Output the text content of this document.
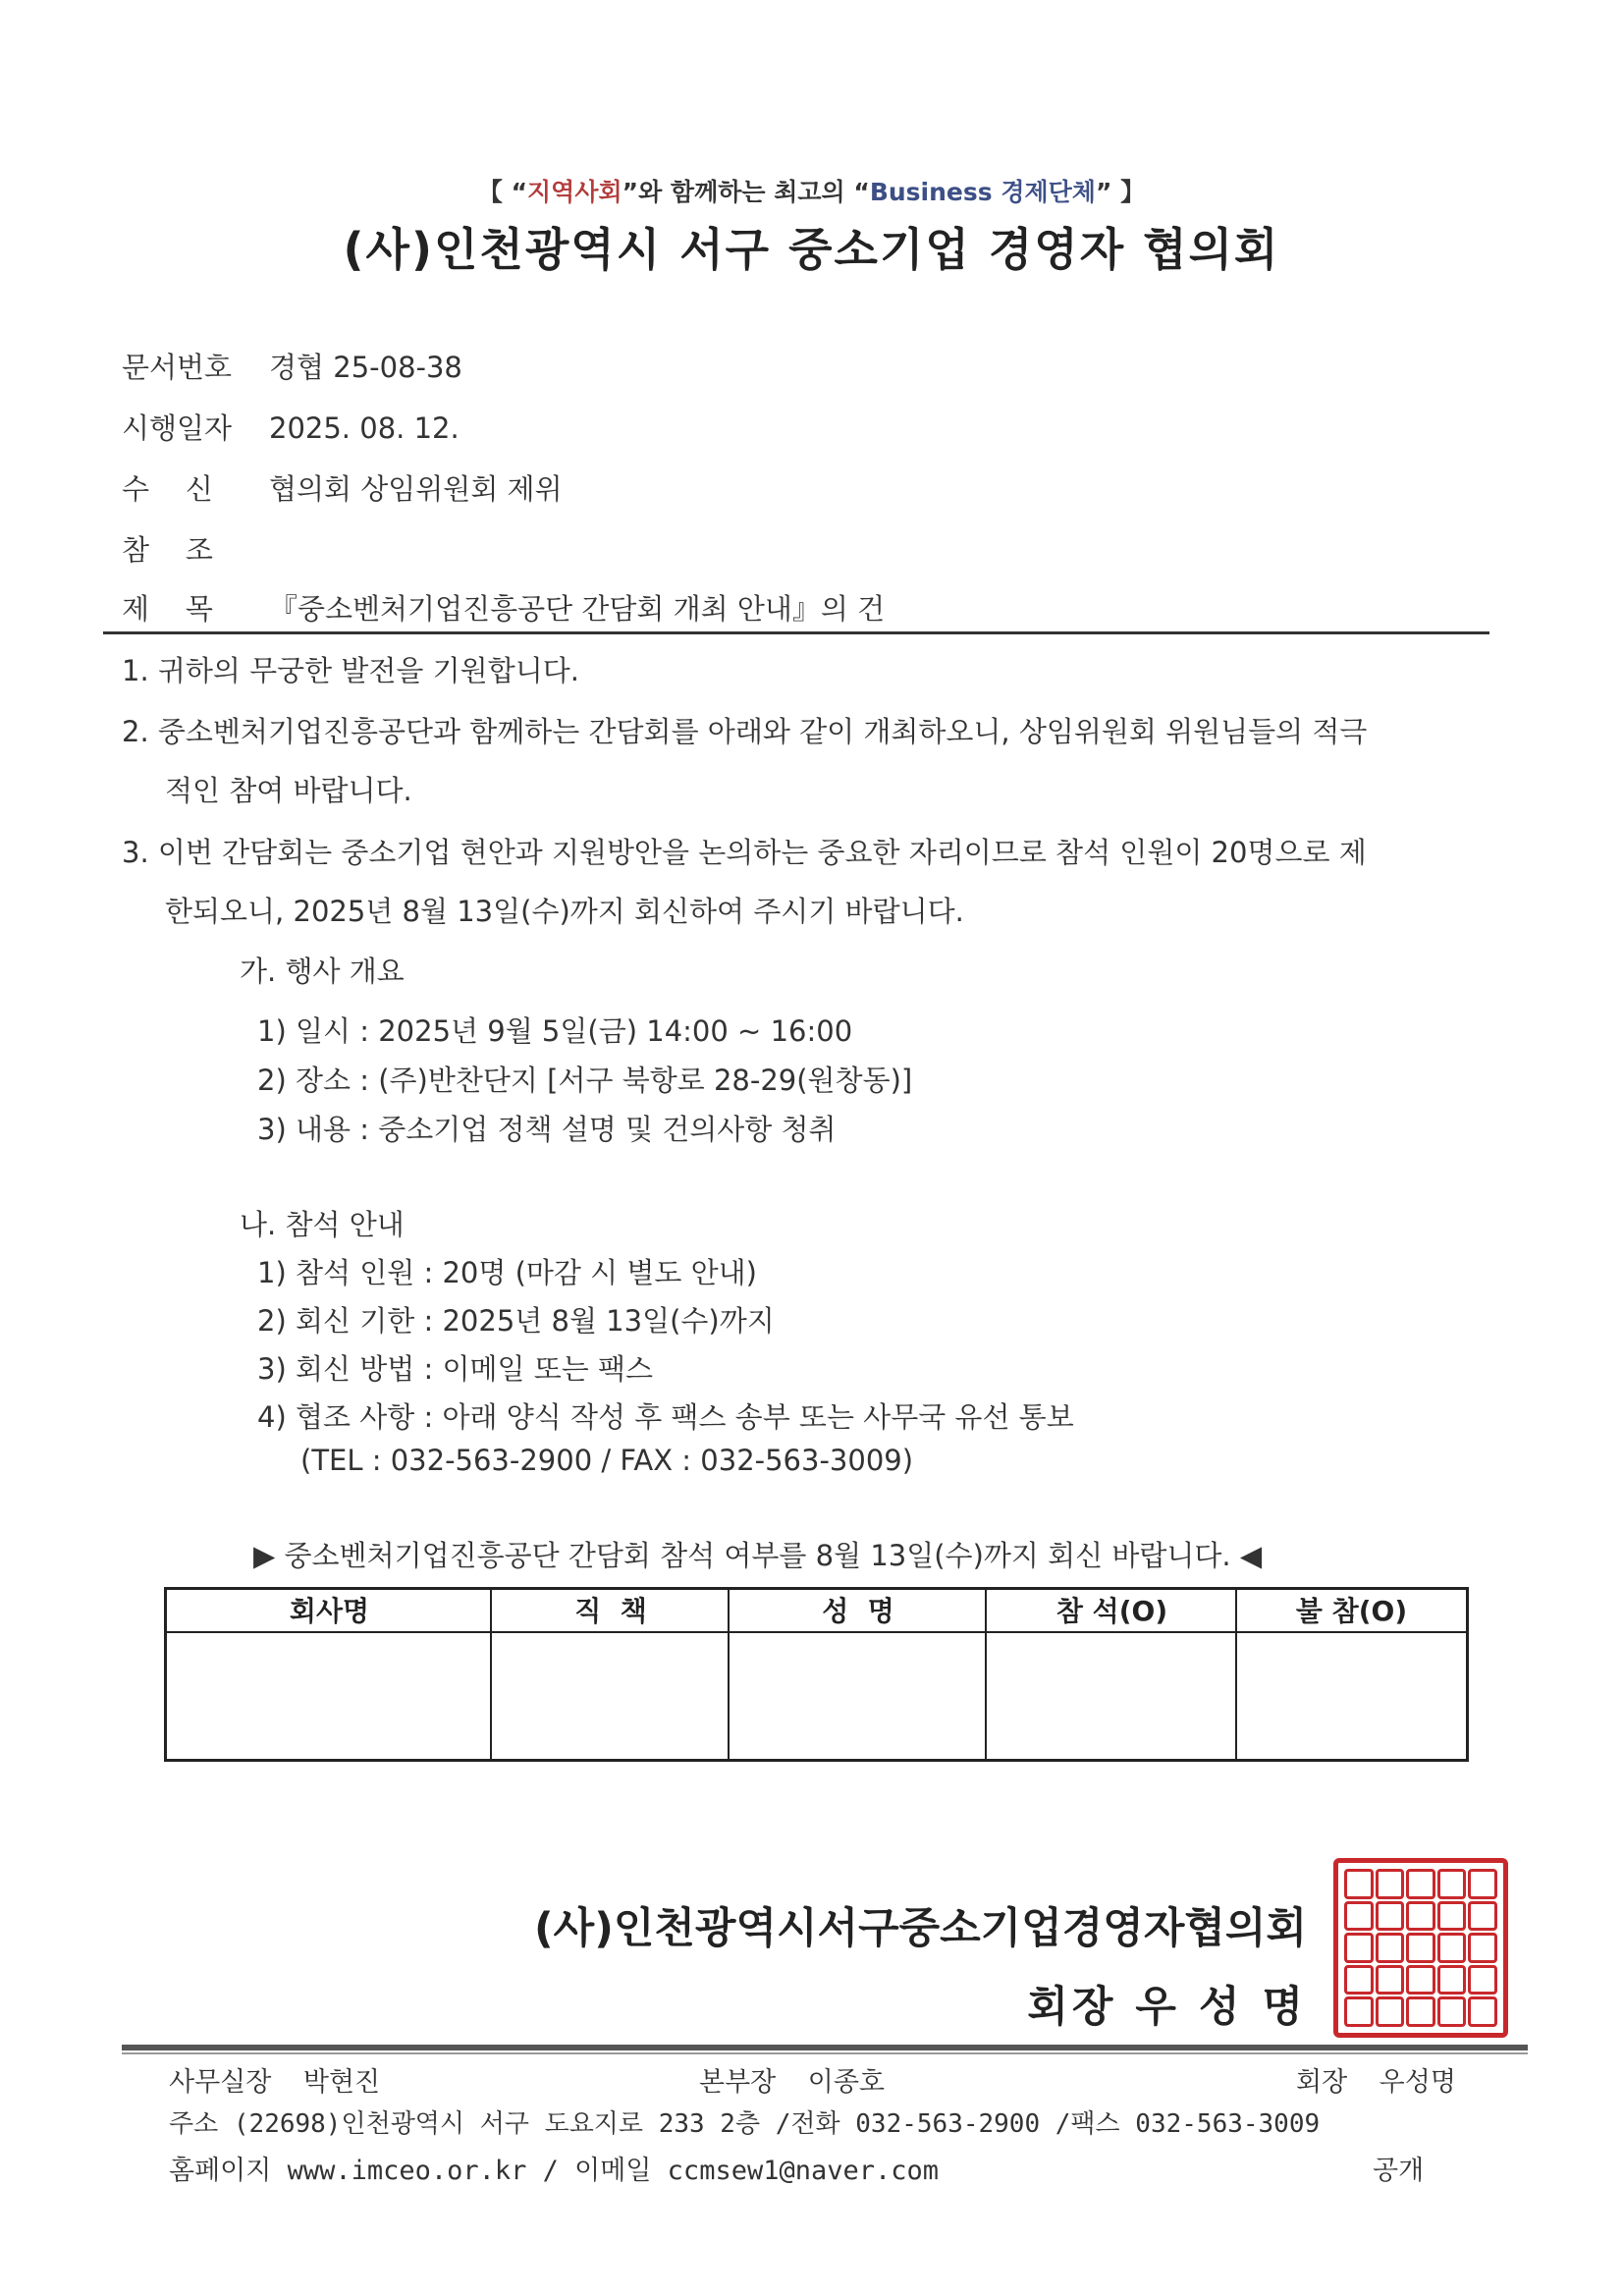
【 “지역사회”와 함께하는 최고의 “Business 경제단체” 】
(사)인천광역시 서구 중소기업 경영자 협의회
문서번호 경협 25-08-38
시행일자 2025. 08. 12.
수    신 협의회 상임위원회 제위
참    조
제    목 『중소벤처기업진흥공단 간담회 개최 안내』의 건
1. 귀하의 무궁한 발전을 기원합니다.
2. 중소벤처기업진흥공단과 함께하는 간담회를 아래와 같이 개최하오니, 상임위원회 위원님들의 적극
적인 참여 바랍니다.
3. 이번 간담회는 중소기업 현안과 지원방안을 논의하는 중요한 자리이므로 참석 인원이 20명으로 제
한되오니, 2025년 8월 13일(수)까지 회신하여 주시기 바랍니다.
가. 행사 개요
1) 일시 : 2025년 9월 5일(금) 14:00 ~ 16:00
2) 장소 : (주)반찬단지 [서구 북항로 28-29(원창동)]
3) 내용 : 중소기업 정책 설명 및 건의사항 청취
나. 참석 안내
1) 참석 인원 : 20명 (마감 시 별도 안내)
2) 회신 기한 : 2025년 8월 13일(수)까지
3) 회신 방법 : 이메일 또는 팩스
4) 협조 사항 : 아래 양식 작성 후 팩스 송부 또는 사무국 유선 통보
(TEL : 032-563-2900 / FAX : 032-563-3009)
▶ 중소벤처기업진흥공단 간담회 참석 여부를 8월 13일(수)까지 회신 바랍니다. ◀
회사명	직  책	성  명	참 석(O)	불 참(O)
(사)인천광역시서구중소기업경영자협의회
회장 우 성 명
사무실장  박현진	본부장  이종호	회장  우성명
주소 (22698)인천광역시 서구 도요지로 233 2층 /전화 032-563-2900 /팩스 032-563-3009
홈페이지 www.imceo.or.kr / 이메일 ccmsew1@naver.com	공개
